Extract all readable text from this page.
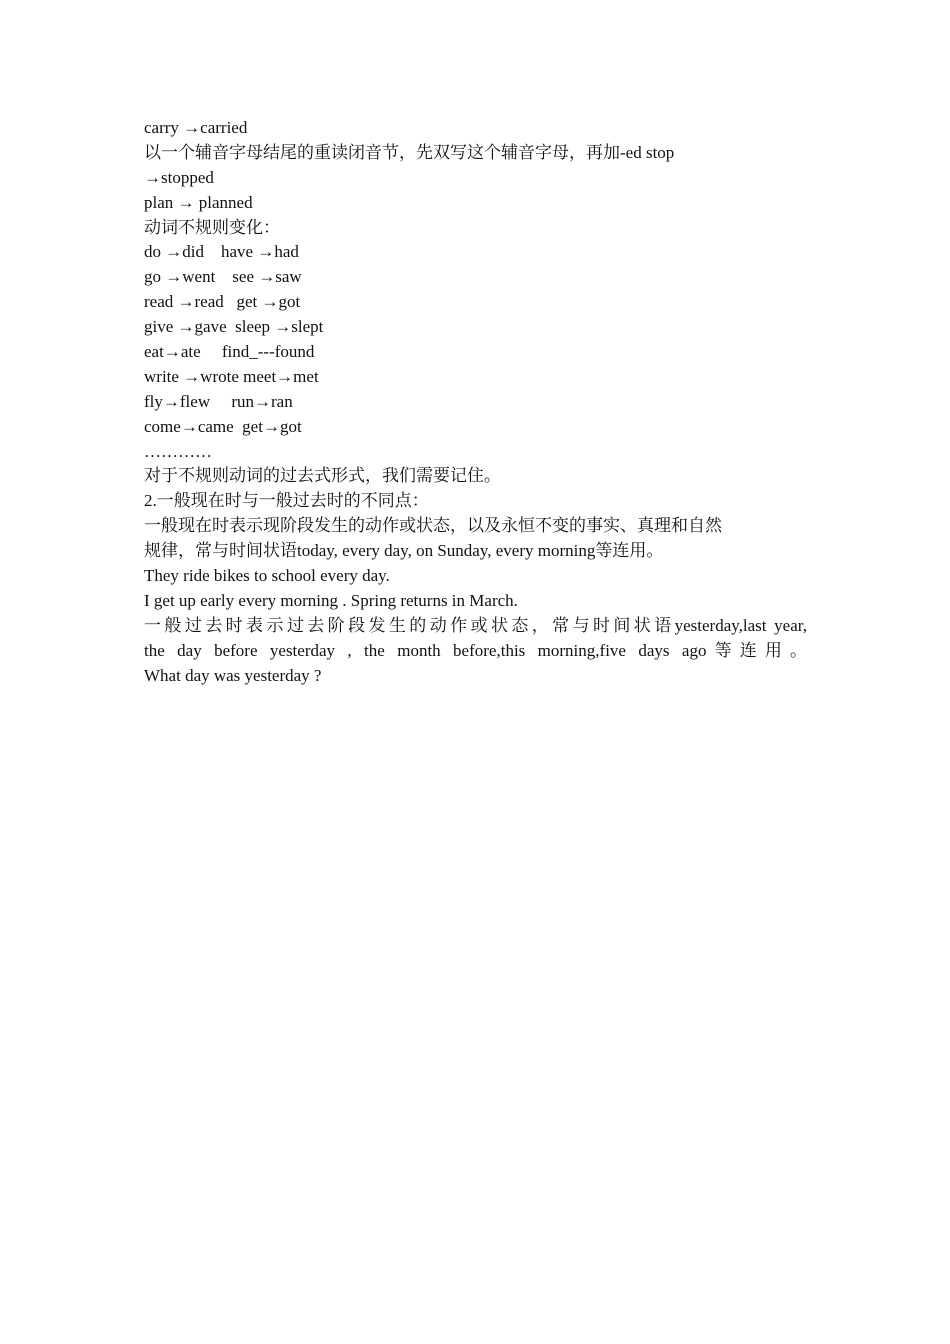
carry →carried
以一个辅音字母结尾的重读闭音节，先双写这个辅音字母，再加-ed stop
→stopped
plan → planned
动词不规则变化：
do →did    have →had
go →went    see →saw
read →read   get →got
give →gave  sleep →slept
eat→ate     find_---found
write →wrote meet→met
fly→flew     run→ran
come→came  get→got
…………
对于不规则动词的过去式形式，我们需要记住。
2.一般现在时与一般过去时的不同点：
一般现在时表示现阶段发生的动作或状态，以及永恒不变的事实、真理和自然
规律，常与时间状语today, every day, on Sunday, every morning等连用。
They ride bikes to school every day.
I get up early every morning . Spring returns in March.
一般过去时表示过去阶段发生的动作或状态，常与时间状语yesterday,last year,
the day before yesterday , the month before,this morning,five days ago等连用。
What day was yesterday ?
